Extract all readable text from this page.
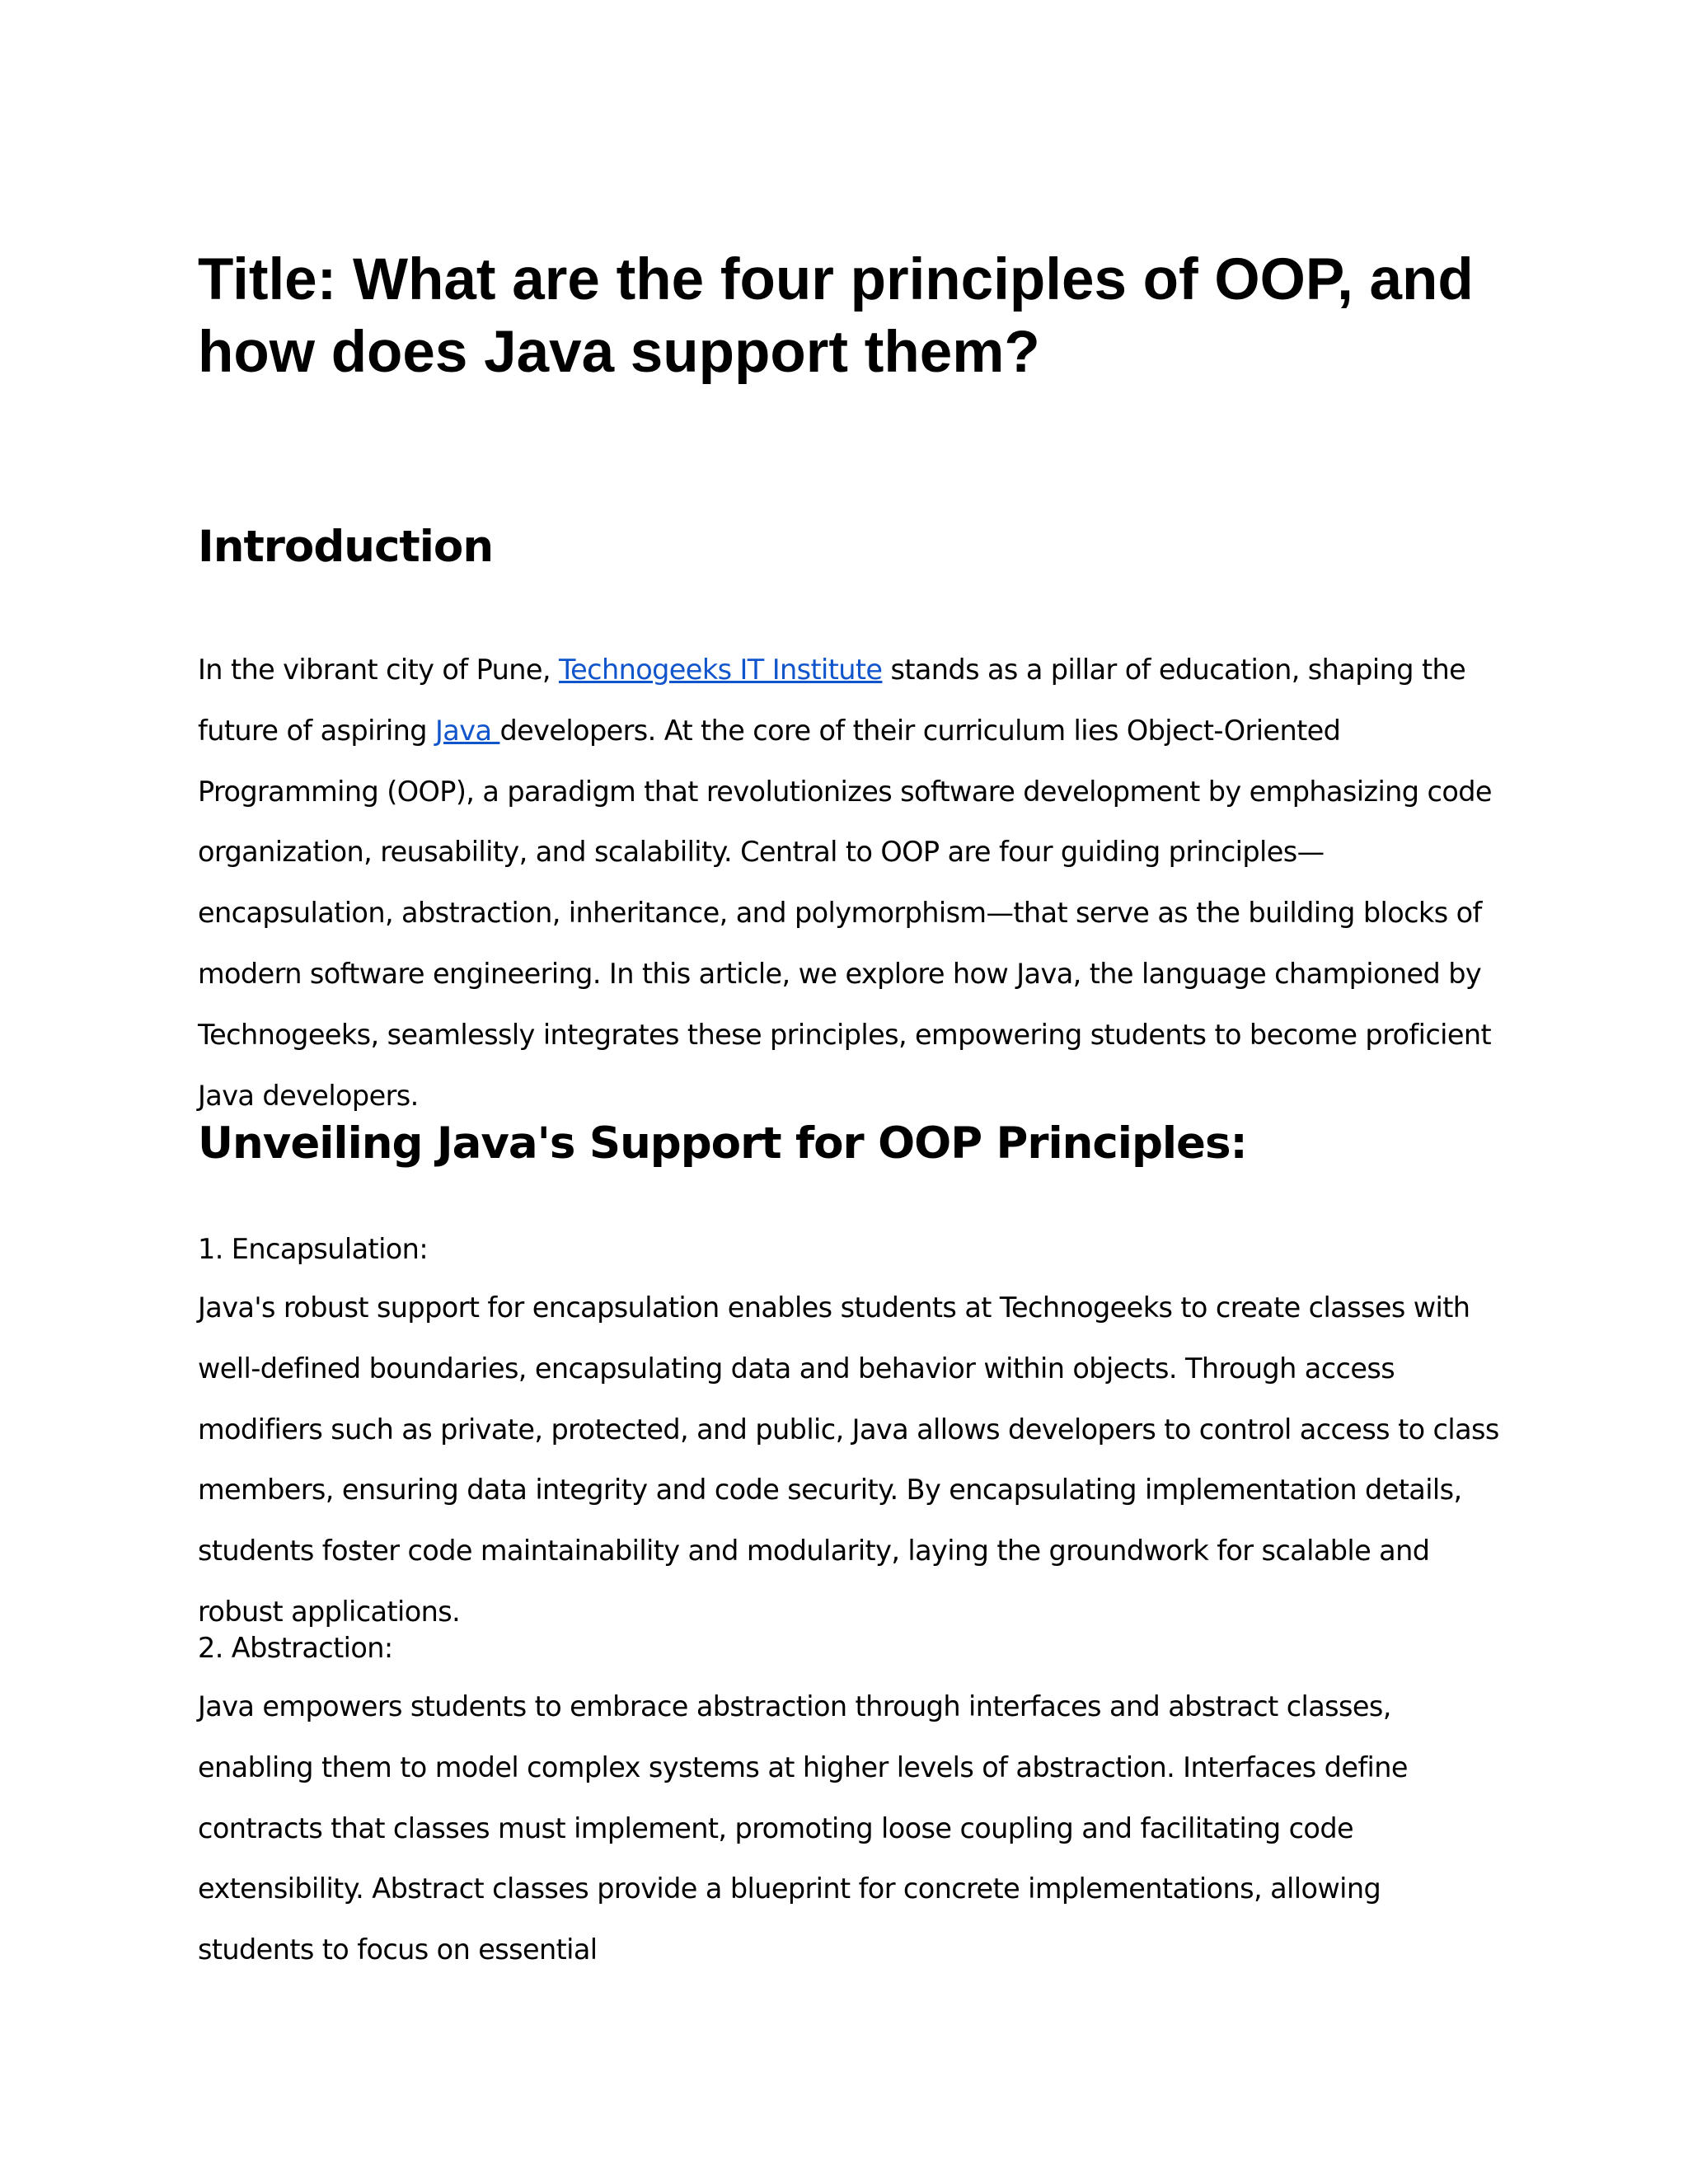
Title: What are the four principles of OOP, and how does Java support them?
Introduction

In the vibrant city of Pune, Technogeeks IT Institute stands as a pillar of education, shaping the future of aspiring Java developers. At the core of their curriculum lies Object-Oriented Programming (OOP), a paradigm that revolutionizes software development by emphasizing code organization, reusability, and scalability. Central to OOP are four guiding principles—encapsulation, abstraction, inheritance, and polymorphism—that serve as the building blocks of modern software engineering. In this article, we explore how Java, the language championed by Technogeeks, seamlessly integrates these principles, empowering students to become proficient Java developers.

Unveiling Java's Support for OOP Principles:

1. Encapsulation:

Java's robust support for encapsulation enables students at Technogeeks to create classes with well-defined boundaries, encapsulating data and behavior within objects. Through access modifiers such as private, protected, and public, Java allows developers to control access to class members, ensuring data integrity and code security. By encapsulating implementation details, students foster code maintainability and modularity, laying the groundwork for scalable and robust applications.

2. Abstraction:

Java empowers students to embrace abstraction through interfaces and abstract classes, enabling them to model complex systems at higher levels of abstraction. Interfaces define contracts that classes must implement, promoting loose coupling and facilitating code extensibility. Abstract classes provide a blueprint for concrete implementations, allowing students to focus on essential
